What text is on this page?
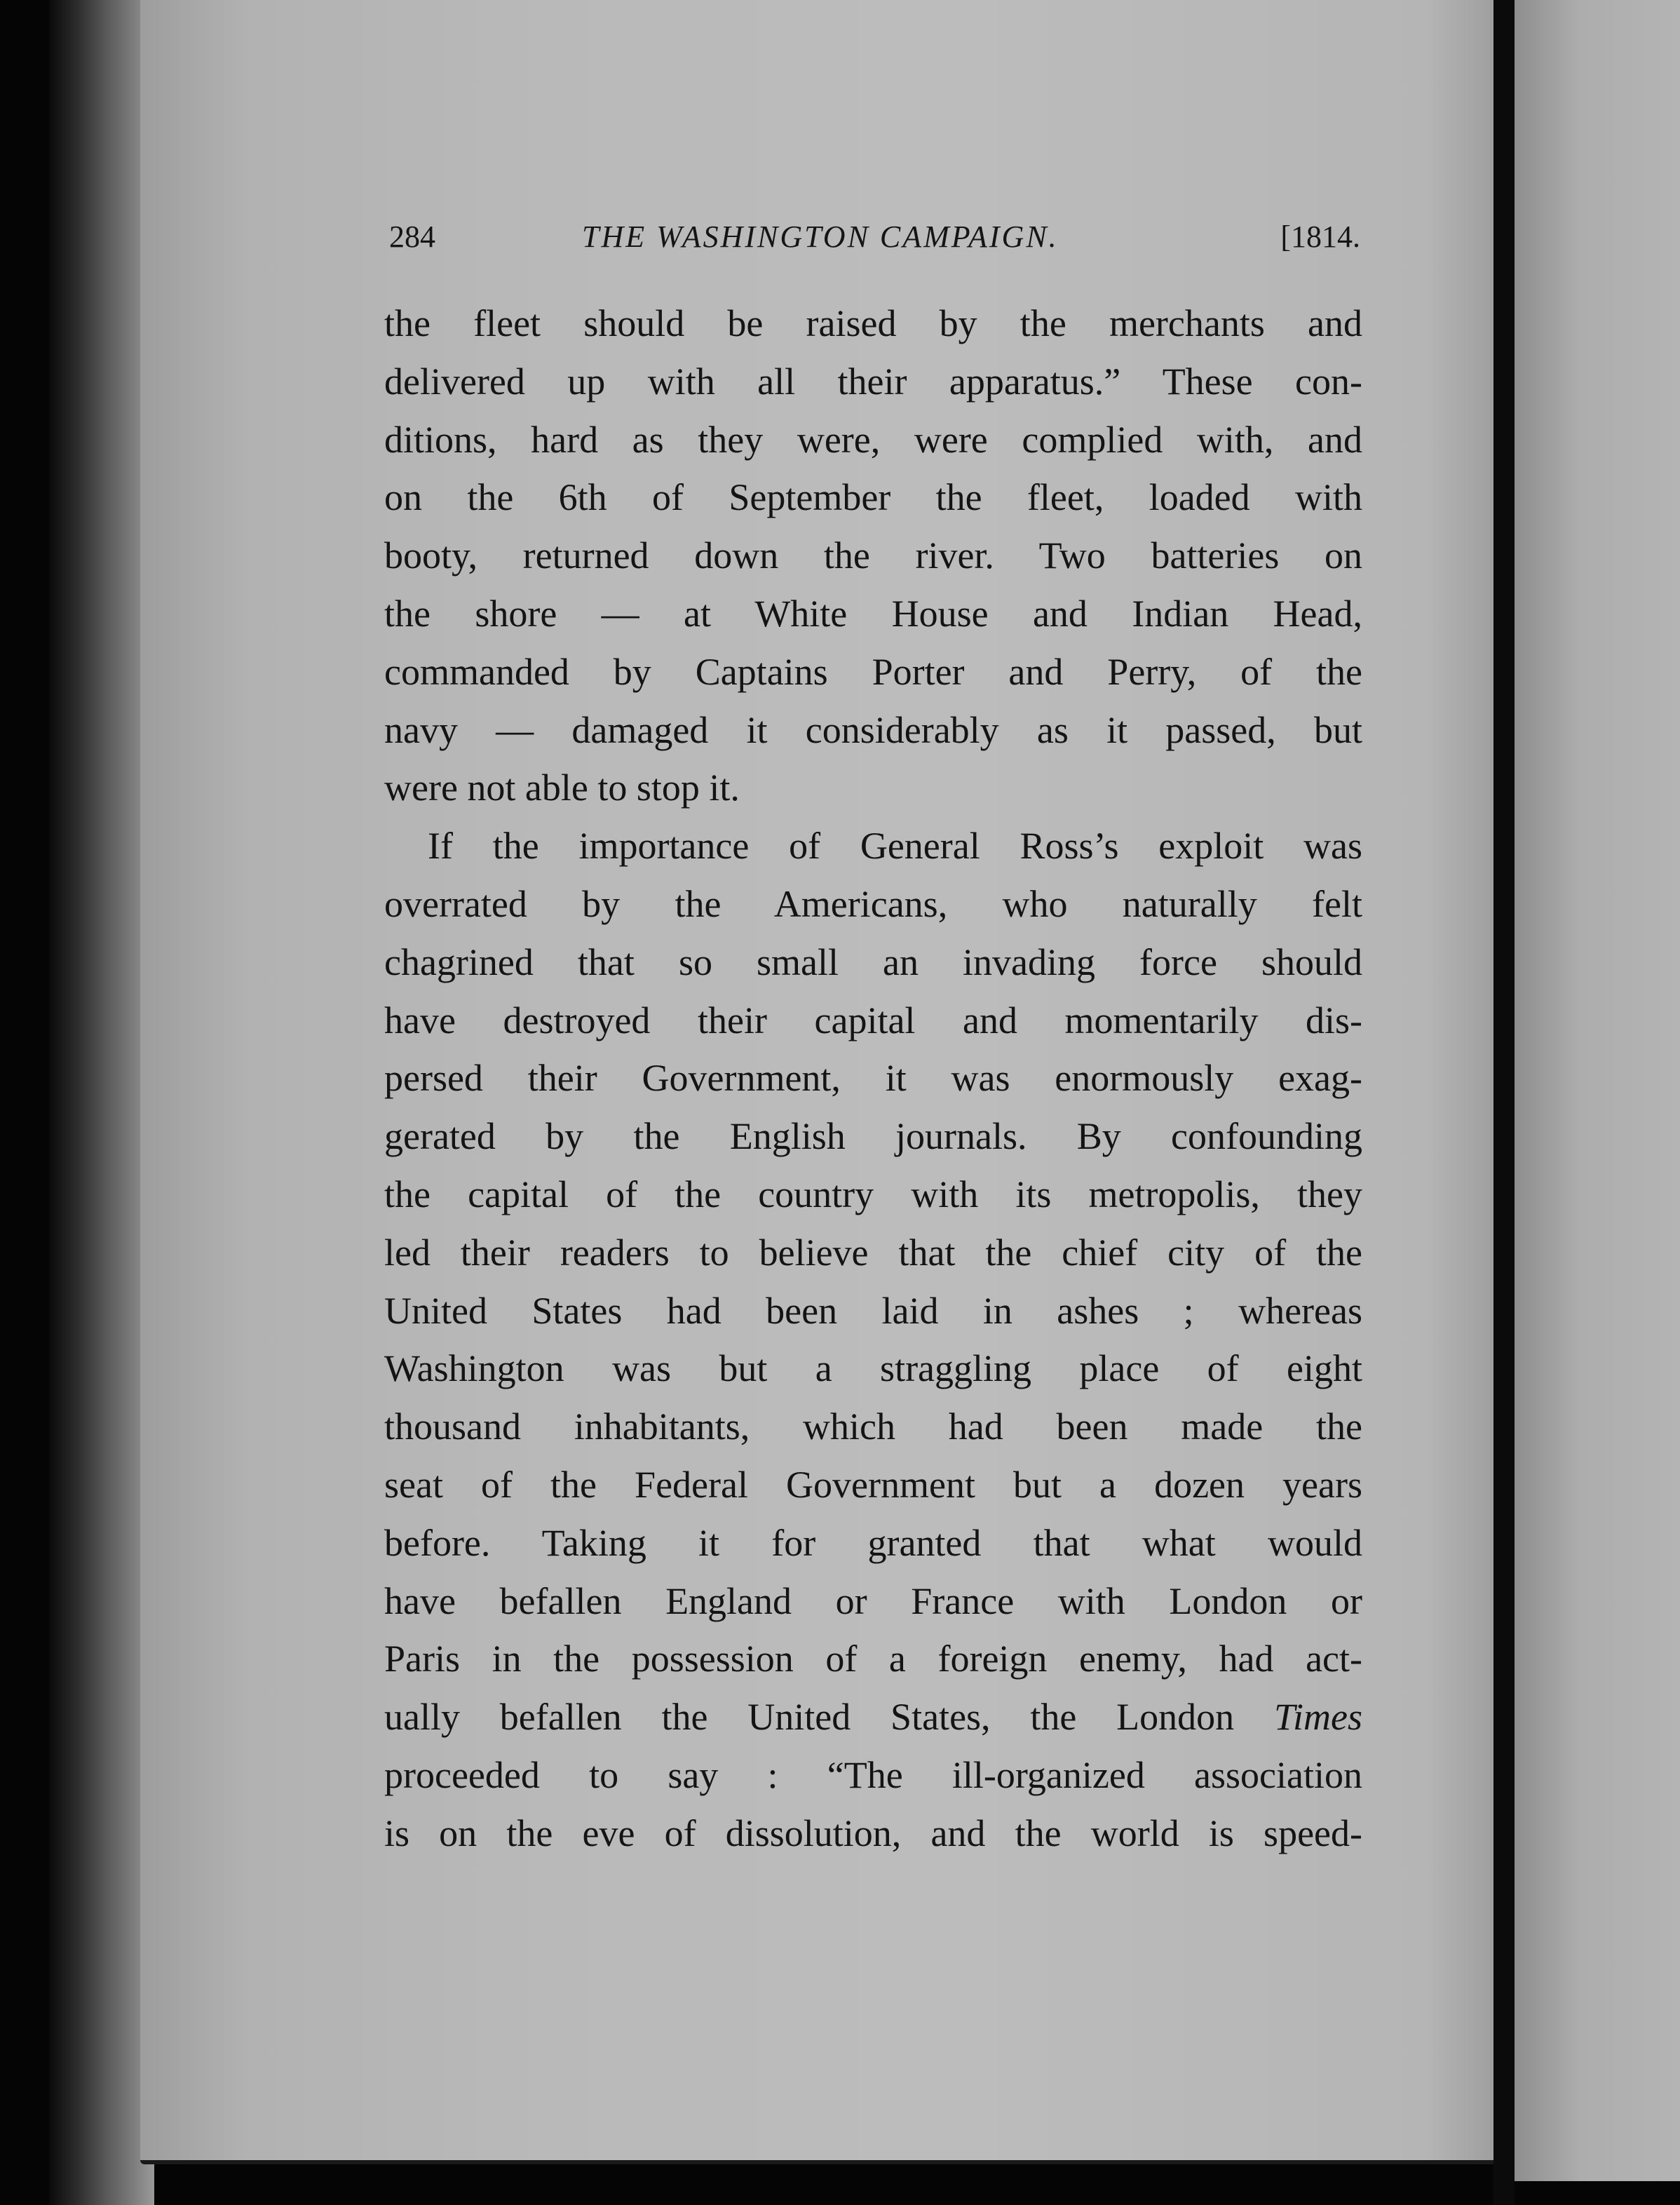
284	THE WASHINGTON CAMPAIGN.	[1814.
the fleet should be raised by the merchants and
delivered up with all their apparatus.” These con-
ditions, hard as they were, were complied with, and
on the 6th of September the fleet, loaded with
booty, returned down the river. Two batteries on
the shore — at White House and Indian Head,
commanded by Captains Porter and Perry, of the
navy — damaged it considerably as it passed, but
were not able to stop it.
If the importance of General Ross’s exploit was
overrated by the Americans, who naturally felt
chagrined that so small an invading force should
have destroyed their capital and momentarily dis-
persed their Government, it was enormously exag-
gerated by the English journals. By confounding
the capital of the country with its metropolis, they
led their readers to believe that the chief city of the
United States had been laid in ashes ; whereas
Washington was but a straggling place of eight
thousand inhabitants, which had been made the
seat of the Federal Government but a dozen years
before. Taking it for granted that what would
have befallen England or France with London or
Paris in the possession of a foreign enemy, had act-
ually befallen the United States, the London Times
proceeded to say : “The ill-organized association
is on the eve of dissolution, and the world is speed-
